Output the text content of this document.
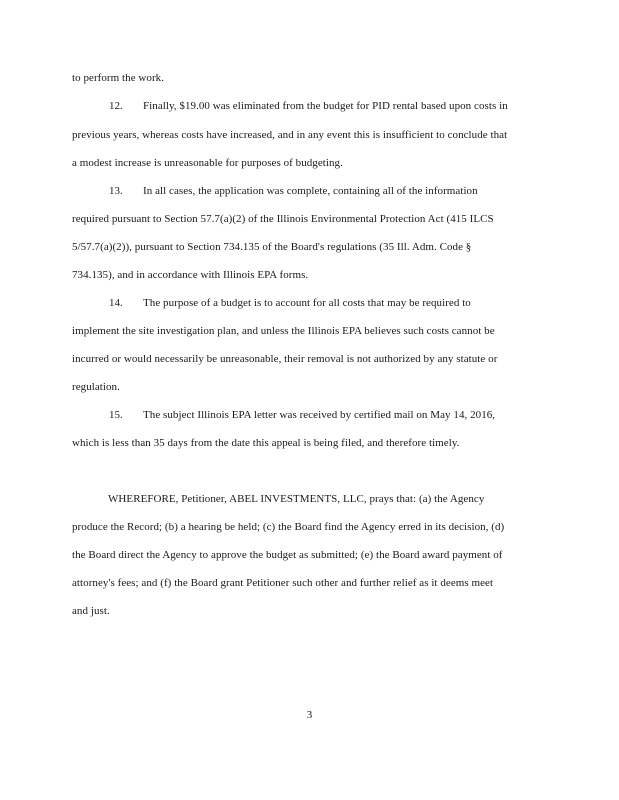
to perform the work.
12. Finally, $19.00 was eliminated from the budget for PID rental based upon costs in
previous years, whereas costs have increased, and in any event this is insufficient to conclude that
a modest increase is unreasonable for purposes of budgeting.
13. In all cases, the application was complete, containing all of the information
required pursuant to Section 57.7(a)(2) of the Illinois Environmental Protection Act (415 ILCS
5/57.7(a)(2)), pursuant to Section 734.135 of the Board's regulations (35 Ill. Adm. Code §
734.135), and in accordance with Illinois EPA forms.
14. The purpose of a budget is to account for all costs that may be required to
implement the site investigation plan, and unless the Illinois EPA believes such costs cannot be
incurred or would necessarily be unreasonable, their removal is not authorized by any statute or
regulation.
15. The subject Illinois EPA letter was received by certified mail on May 14, 2016,
which is less than 35 days from the date this appeal is being filed, and therefore timely.
WHEREFORE, Petitioner, ABEL INVESTMENTS, LLC, prays that: (a) the Agency
produce the Record; (b) a hearing be held; (c) the Board find the Agency erred in its decision, (d)
the Board direct the Agency to approve the budget as submitted; (e) the Board award payment of
attorney's fees; and (f) the Board grant Petitioner such other and further relief as it deems meet
and just.
3
